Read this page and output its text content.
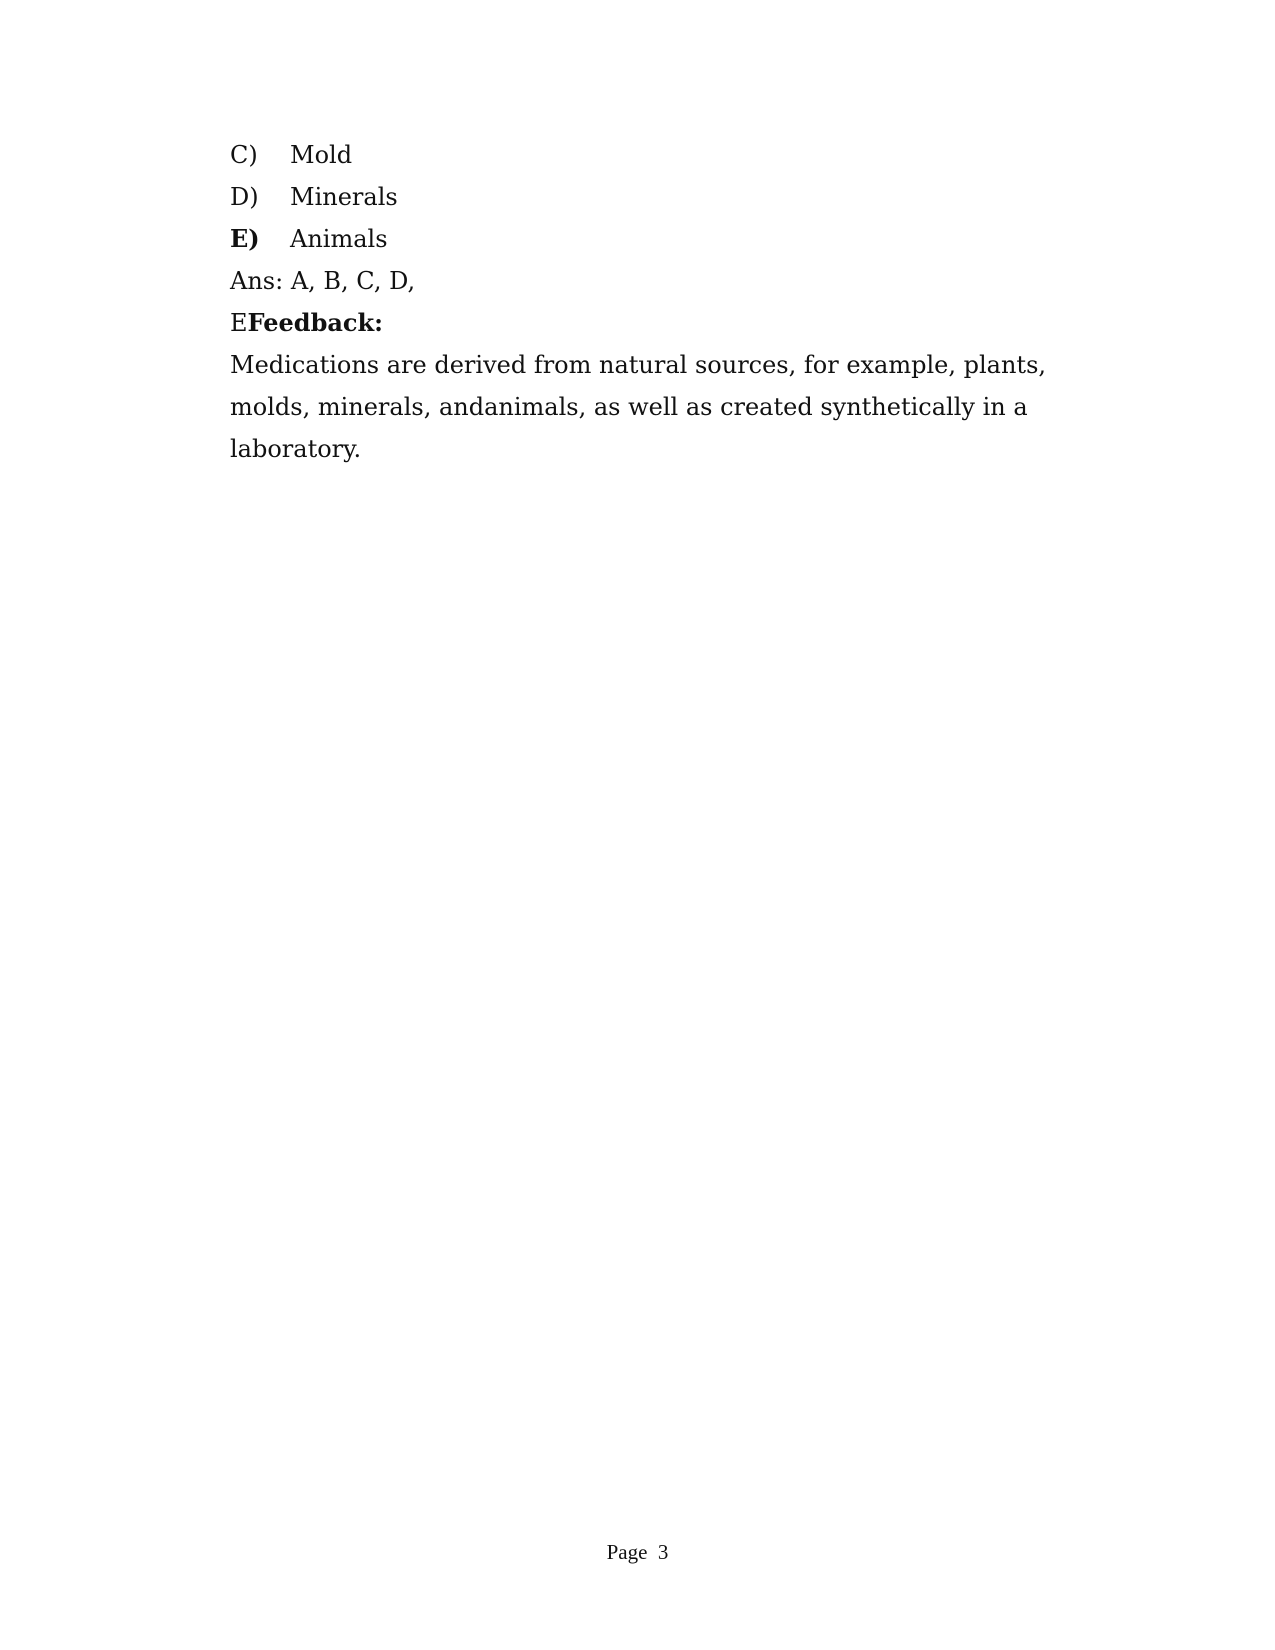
C)	Mold
D)	Minerals
E)	Animals
Ans: A, B, C, D,
EFeedback:

Medications are derived from natural sources, for example, plants, molds, minerals, andanimals, as well as created synthetically in a laboratory.

Page  3
